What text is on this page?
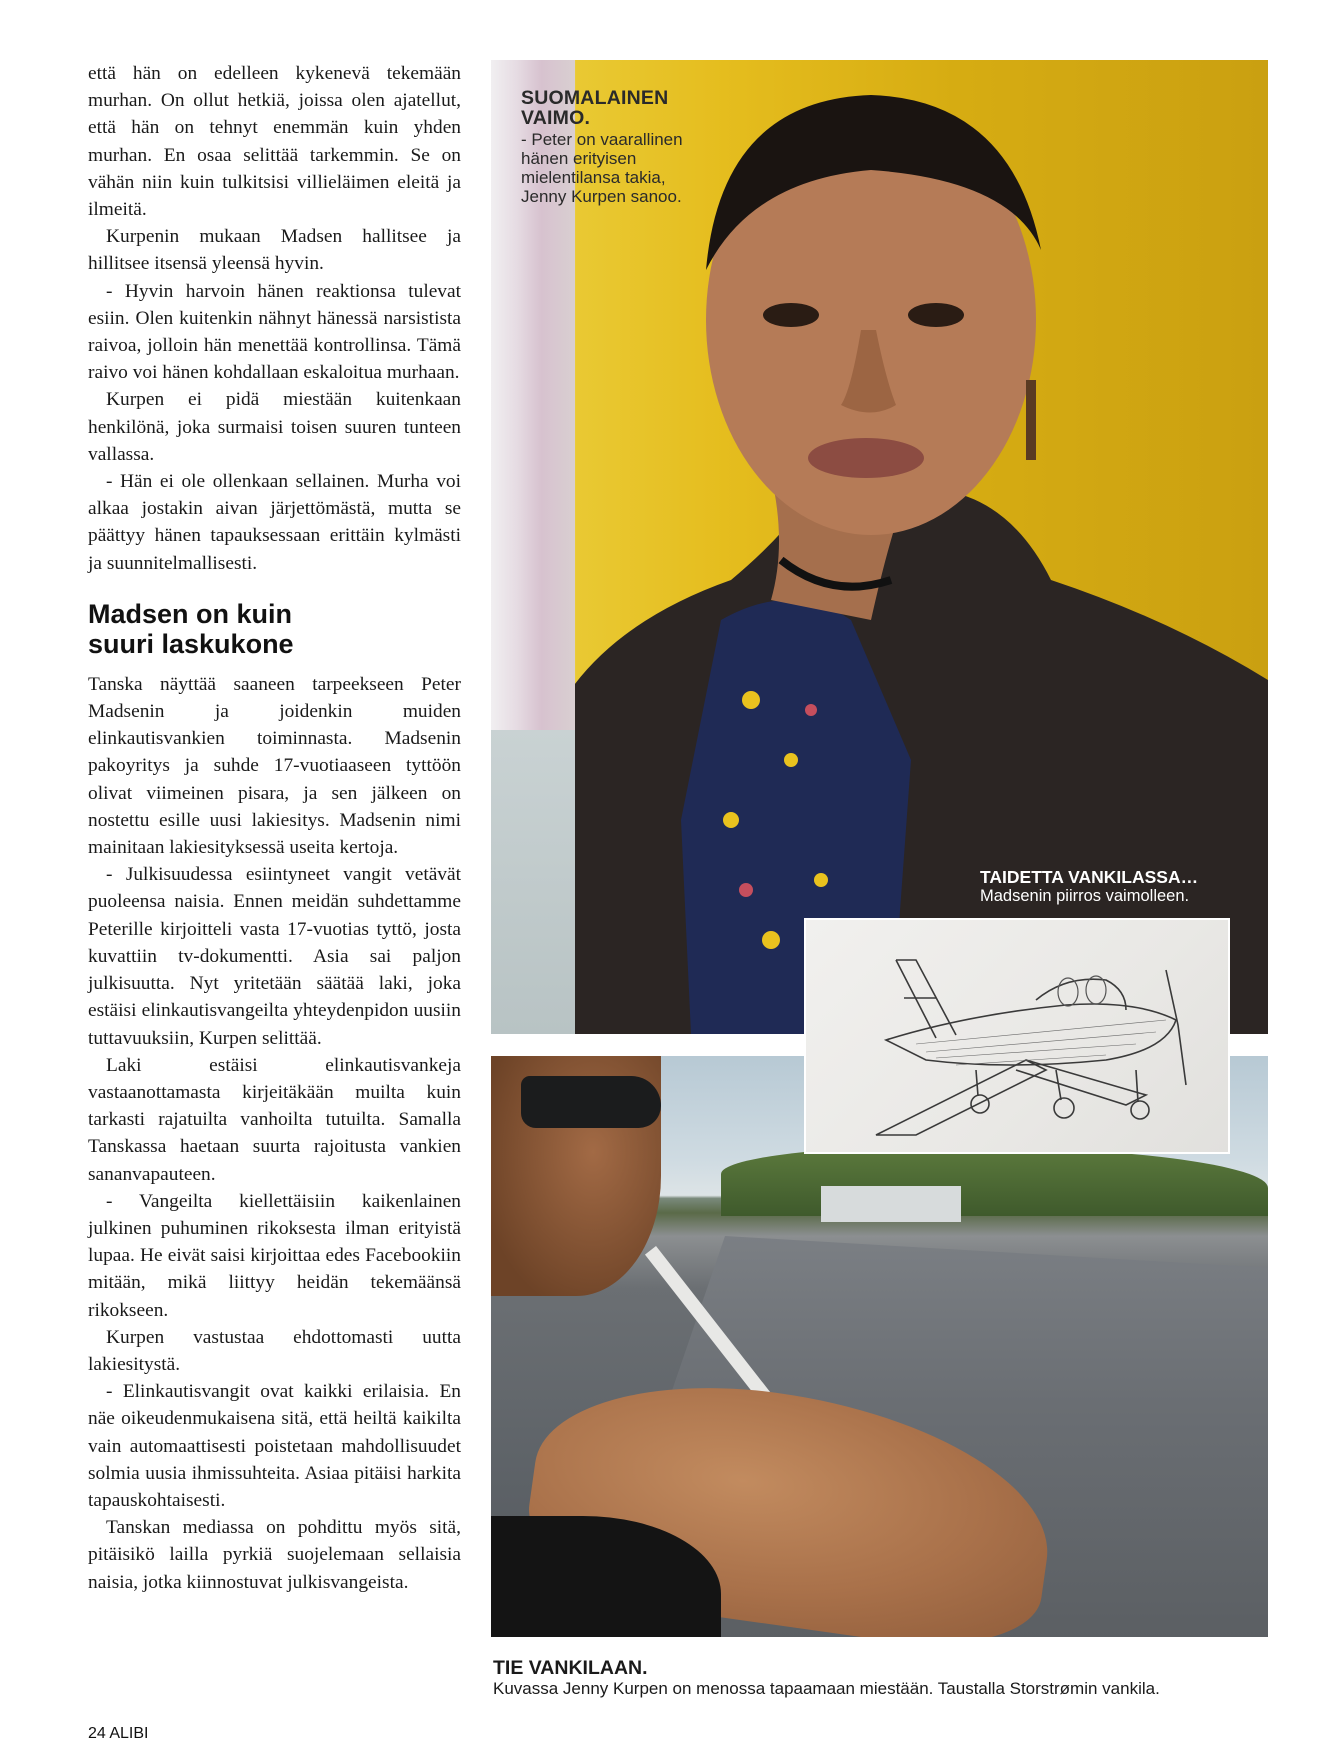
että hän on edelleen kykenevä tekemään murhan. On ollut hetkiä, joissa olen ajatellut, että hän on tehnyt enemmän kuin yhden murhan. En osaa selittää tarkemmin. Se on vähän niin kuin tulkitsisi villieläimen eleitä ja ilmeitä.

Kurpenin mukaan Madsen hallitsee ja hillitsee itsensä yleensä hyvin.

- Hyvin harvoin hänen reaktionsa tulevat esiin. Olen kuitenkin nähnyt hänessä narsistista raivoa, jolloin hän menettää kontrollinsa. Tämä raivo voi hänen kohdallaan eskaloitua murhaan.

Kurpen ei pidä miestään kuitenkaan henkilönä, joka surmaisi toisen suuren tunteen vallassa.

- Hän ei ole ollenkaan sellainen. Murha voi alkaa jostakin aivan järjettömästä, mutta se päättyy hänen tapauksessaan erittäin kylmästi ja suunnitelmallisesti.

Madsen on kuin
suuri laskukone

Tanska näyttää saaneen tarpeekseen Peter Madsenin ja joidenkin muiden elinkautisvankien toiminnasta. Madsenin pakoyritys ja suhde 17-vuotiaaseen tyttöön olivat viimeinen pisara, ja sen jälkeen on nostettu esille uusi lakiesitys. Madsenin nimi mainitaan lakiesityksessä useita kertoja.

- Julkisuudessa esiintyneet vangit vetävät puoleensa naisia. Ennen meidän suhdettamme Peterille kirjoitteli vasta 17-vuotias tyttö, josta kuvattiin tv-dokumentti. Asia sai paljon julkisuutta. Nyt yritetään säätää laki, joka estäisi elinkautisvangeilta yhteydenpidon uusiin tuttavuuksiin, Kurpen selittää.

Laki estäisi elinkautisvankeja vastaanottamasta kirjeitäkään muilta kuin tarkasti rajatuilta vanhoilta tutuilta. Samalla Tanskassa haetaan suurta rajoitusta vankien sananvapauteen.

- Vangeilta kiellettäisiin kaikenlainen julkinen puhuminen rikoksesta ilman erityistä lupaa. He eivät saisi kirjoittaa edes Facebookiin mitään, mikä liittyy heidän tekemäänsä rikokseen.

Kurpen vastustaa ehdottomasti uutta lakiesitystä.

- Elinkautisvangit ovat kaikki erilaisia. En näe oikeudenmukaisena sitä, että heiltä kaikilta vain automaattisesti poistetaan mahdollisuudet solmia uusia ihmissuhteita. Asiaa pitäisi harkita tapauskohtaisesti.

Tanskan mediassa on pohdittu myös sitä, pitäisikö lailla pyrkiä suojelemaan sellaisia naisia, jotka kiinnostuvat julkisvangeista.

SUOMALAINEN
VAIMO.
- Peter on vaarallinen
hänen erityisen
mielentilansa takia,
Jenny Kurpen sanoo.
TAIDETTA VANKILASSA…
Madsenin piirros vaimolleen.
TIE VANKILAAN.
Kuvassa Jenny Kurpen on menossa tapaamaan miestään. Taustalla Storstrømin vankila.
24 ALIBI
